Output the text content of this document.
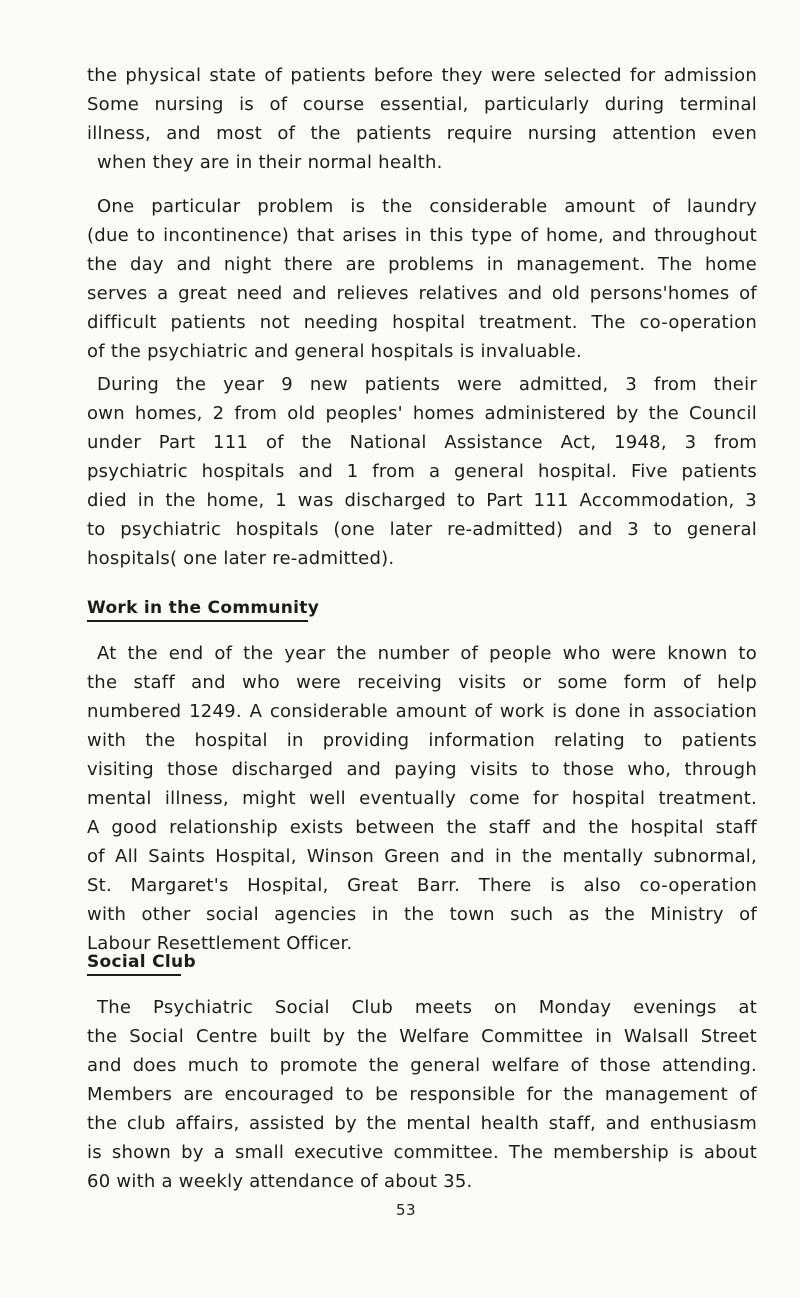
the physical state of patients before they were selected for admission
Some nursing is of course essential, particularly during terminal
illness, and most of the patients require nursing attention even
when they are in their normal health.
One particular problem is the considerable amount of laundry
(due to incontinence) that arises in this type of home, and throughout
the day and night there are problems in management. The home
serves a great need and relieves relatives and old persons'homes of
difficult patients not needing hospital treatment. The co-operation
of the psychiatric and general hospitals is invaluable.
During the year 9 new patients were admitted, 3 from their
own homes, 2 from old peoples' homes administered by the Council
under Part 111 of the National Assistance Act, 1948, 3 from
psychiatric hospitals and 1 from a general hospital. Five patients
died in the home, 1 was discharged to Part 111 Accommodation, 3
to psychiatric hospitals (one later re-admitted) and 3 to general
hospitals( one later re-admitted).
Work in the Community
At the end of the year the number of people who were known to
the staff and who were receiving visits or some form of help
numbered 1249. A considerable amount of work is done in association
with the hospital in providing information relating to patients
visiting those discharged and paying visits to those who, through
mental illness, might well eventually come for hospital treatment.
A good relationship exists between the staff and the hospital staff
of All Saints Hospital, Winson Green and in the mentally subnormal,
St. Margaret's Hospital, Great Barr. There is also co-operation
with other social agencies in the town such as the Ministry of
Labour Resettlement Officer.
Social Club
The Psychiatric Social Club meets on Monday evenings at
the Social Centre built by the Welfare Committee in Walsall Street
and does much to promote the general welfare of those attending.
Members are encouraged to be responsible for the management of
the club affairs, assisted by the mental health staff, and enthusiasm
is shown by a small executive committee. The membership is about
60 with a weekly attendance of about 35.
53
